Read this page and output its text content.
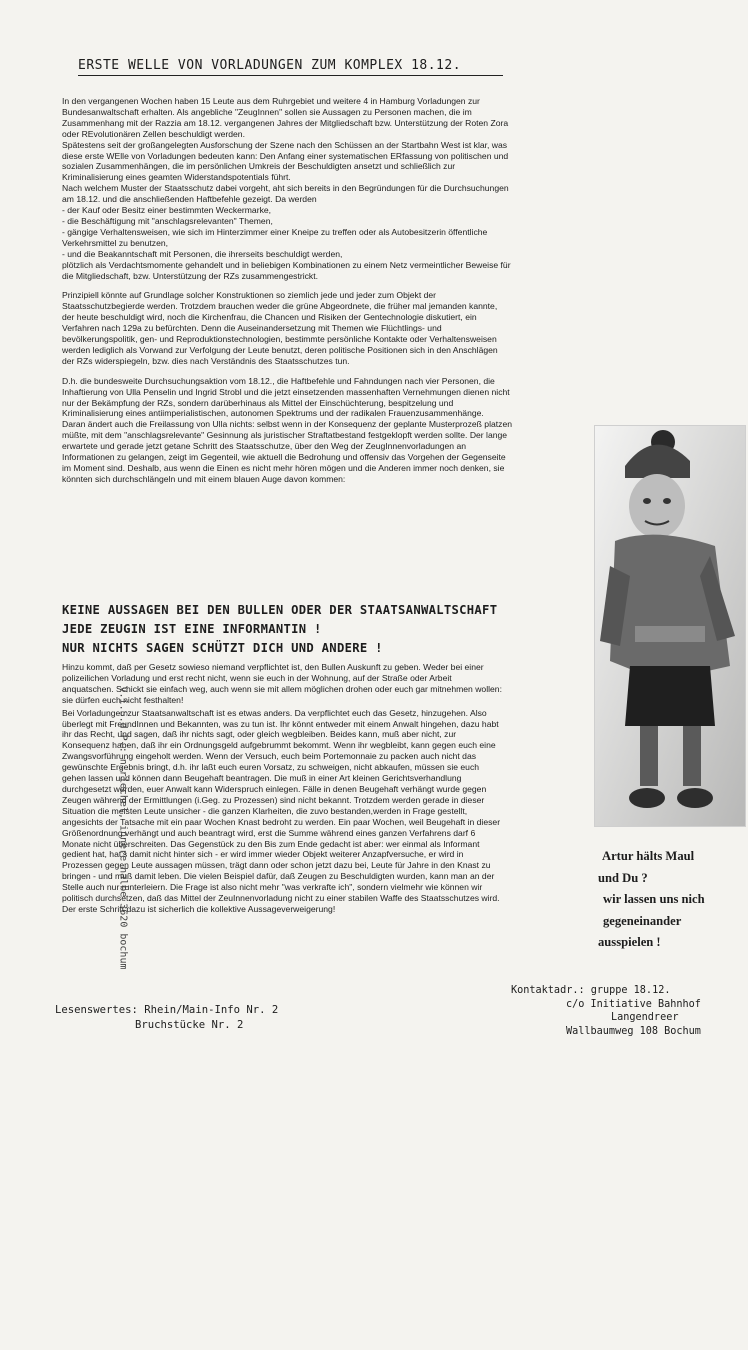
ERSTE WELLE VON VORLADUNGEN ZUM KOMPLEX 18.12.

In den vergangenen Wochen haben 15 Leute aus dem Ruhrgebiet und weitere 4 in Hamburg Vorladungen zur Bundesanwaltschaft erhalten. Als angebliche "ZeugInnen" sollen sie Aussagen zu Personen machen, die im Zusammenhang mit der Razzia am 18.12. vergangenen Jahres der Mitgliedschaft bzw. Unterstützung der Roten Zora oder REvolutionären Zellen beschuldigt werden.
Spätestens seit der großangelegten Ausforschung der Szene nach den Schüssen an der Startbahn West ist klar, was diese erste WElle von Vorladungen bedeuten kann: Den Anfang einer systematischen ERfassung von politischen und sozialen Zusammenhängen, die im persönlichen Umkreis der Beschuldigten ansetzt und schließlich zur Kriminalisierung eines geamten Widerstandspotentials führt.
Nach welchem Muster der Staatsschutz dabei vorgeht, aht sich bereits in den Begründungen für die Durchsuchungen am 18.12. und die anschließenden Haftbefehle gezeigt. Da werden
- der Kauf oder Besitz einer bestimmten Weckermarke,
- die Beschäftigung mit "anschlagsrelevanten" Themen,
- gängige Verhaltensweisen, wie sich im Hinterzimmer einer Kneipe zu treffen oder als Autobesitzerin öffentliche Verkehrsmittel zu benutzen,
- und die Beakanntschaft mit Personen, die ihrerseits beschuldigt werden,
plötzlich als Verdachtsmomente gehandelt und in beliebigen Kombinationen zu einem Netz vermeintlicher Beweise für die Mitgliedschaft, bzw. Unterstützung der RZs zusammengestrickt.

Prinzipiell könnte auf Grundlage solcher Konstruktionen so ziemlich jede und jeder zum Objekt der Staatsschutzbegierde werden. Trotzdem brauchen weder die grüne Abgeordnete, die früher mal jemanden kannte, der heute beschuldigt wird, noch die Kirchenfrau, die Chancen und Risiken der Gentechnologie diskutiert, ein Verfahren nach 129a zu befürchten. Denn die Auseinandersetzung mit Themen wie Flüchtlings- und bevölkerungspolitik, gen- und Reproduktionstechnologien, bestimmte persönliche Kontakte oder Verhaltensweisen werden lediglich als Vorwand zur Verfolgung der Leute benutzt, deren politische Positionen sich in den Anschlägen der RZs widerspiegeln, bzw. dies nach Verständnis des Staatsschutzes tun.

D.h. die bundesweite Durchsuchungsaktion vom 18.12., die Haftbefehle und Fahndungen nach vier Personen, die Inhaftierung von Ulla Penselin und Ingrid Strobl und die jetzt einsetzenden massenhaften Vernehmungen dienen nicht nur der Bekämpfung der RZs, sondern darüberhinaus als Mittel der Einschüchterung, bespitzelung und Kriminalisierung eines antiimperialistischen, autonomen Spektrums und der radikalen Frauenzusammenhänge.
Daran ändert auch die Freilassung von Ulla nichts: selbst wenn in der Konsequenz der geplante Musterprozeß platzen müßte, mit dem "anschlagsrelevante" Gesinnung als juristischer Straftatbestand festgeklopft werden sollte. Der lange erwartete und gerade jetzt getane Schritt des Staatsschutze, über den Weg der ZeugInnenvorladungen an Informationen zu gelangen, zeigt im Gegenteil, wie aktuell die Bedrohung und offensiv das Vorgehen der Gegenseite im Moment sind. Deshalb, aus wenn die Einen es nicht mehr hören mögen und die Anderen immer noch denken, sie könnten sich durchschlängeln und mit einem blauen Auge davon kommen:

KEINE AUSSAGEN BEI DEN BULLEN ODER DER STAATSANWALTSCHAFT
JEDE ZEUGIN IST EINE INFORMANTIN !
NUR NICHTS SAGEN SCHÜTZT DICH UND ANDERE !

Hinzu kommt, daß per Gesetz sowieso niemand verpflichtet ist, den Bullen Auskunft zu geben. Weder bei einer polizeilichen Vorladung und erst recht nicht, wenn sie euch in der Wohnung, auf der Straße oder Arbeit anquatschen. Schickt sie einfach weg, auch wenn sie mit allem möglichen drohen oder euch gar mitnehmen wollen: sie dürfen euch nicht festhalten!

Bei Vorladungen zur Staatsanwaltschaft ist es etwas anders. Da verpflichtet euch das Gesetz, hinzugehen. Also überlegt mit FreundInnen und Bekannten, was zu tun ist. Ihr könnt entweder mit einem Anwalt hingehen, dazu habt ihr das Recht, und sagen, daß ihr nichts sagt, oder gleich wegbleiben. Beides kann, muß aber nicht, zur Konsequenz haben, daß ihr ein Ordnungsgeld aufgebrummt bekommt. Wenn ihr wegbleibt, kann gegen euch eine Zwangsvorführung eingeholt werden. Wenn der Versuch, euch beim Portemonnaie zu packen auch nicht das gewünschte Ergebnis bringt, d.h. ihr laßt euch euren Vorsatz, zu schweigen, nicht abkaufen, müssen sie euch gehen lassen und können dann Beugehaft beantragen. Die muß in einer Art kleinen Gerichtsverhandlung durchgesetzt werden, euer Anwalt kann Widerspruch einlegen. Fälle in denen Beugehaft verhängt wurde gegen Zeugen während der Ermittlungen (i.Geg. zu Prozessen) sind nicht bekannt. Trotzdem werden gerade in dieser Situation die meisten Leute unsicher - die ganzen Klarheiten, die zuvo bestanden,werden in Frage gestellt, angesichts der Tatsache mit ein paar Wochen Knast bedroht zu werden. Ein paar Wochen, weil Beugehaft in dieser Größenordnung verhängt und auch beantragt wird, erst die Summe während eines ganzen Verfahrens darf 6 Monate nicht überschreiten. Das Gegenstück zu den Bis zum Ende gedacht ist aber: wer einmal als Informant gedient hat, hat's damit nicht hinter sich - er wird immer wieder Objekt weiterer Anzapfversuche, er wird in Prozessen gegen Leute aussagen müssen, trägt dann oder schon jetzt dazu bei, Leute für Jahre in den Knast zu bringen - und muß damit leben. Die vielen Beispiel dafür, daß Zeugen zu Beschuldigten wurden, kann man an der Stelle auch nur runterleiern. Die Frage ist also nicht mehr "was verkrafte ich", sondern vielmehr wie können wir politisch durchsetzen, daß das Mittel der ZeuInnenvorladung nicht zu einer stabilen Waffe des Staatsschutzes wird. Der erste Schritt dazu ist sicherlich die kollektive Aussageverweigerung!

Artur hälts Maul
und Du ?
wir lassen uns nich
gegeneinander
ausspielen !
Lesenswertes: Rhein/Main-Info Nr. 2
Bruchstücke Nr. 2
Kontaktadr.: gruppe 18.12.
c/o Initiative Bahnhof
Langendreer
Wallbaumweg 108 Bochum
V.i.S.d.P.: n.riechel, innere halbe 3620 bochum
